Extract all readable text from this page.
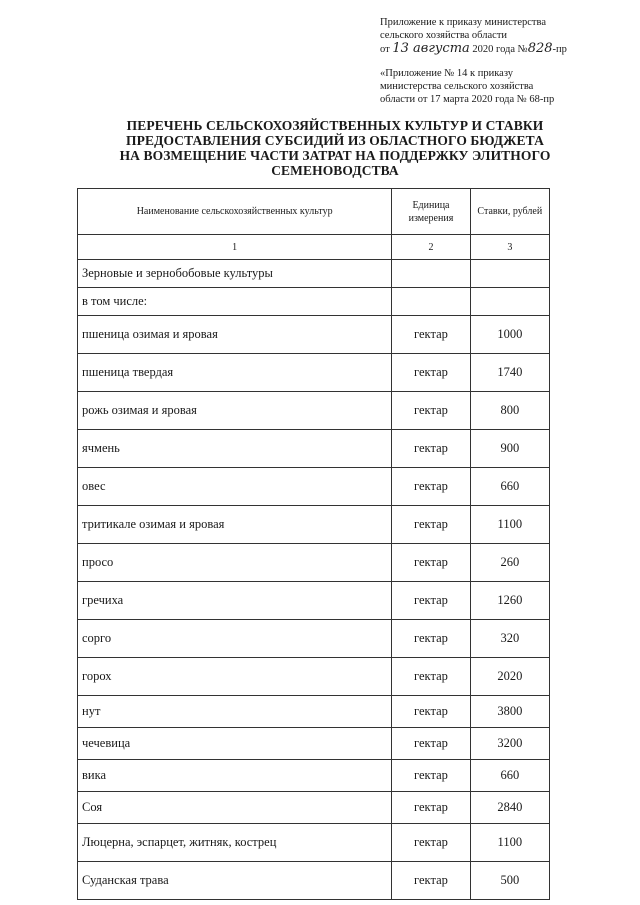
Приложение к приказу министерства
сельского хозяйства области
от 13 августа 2020 года №828-пр
«Приложение № 14 к приказу
министерства сельского хозяйства
области от 17 марта 2020 года № 68-пр
ПЕРЕЧЕНЬ СЕЛЬСКОХОЗЯЙСТВЕННЫХ КУЛЬТУР И СТАВКИ
ПРЕДОСТАВЛЕНИЯ СУБСИДИЙ ИЗ ОБЛАСТНОГО БЮДЖЕТА
НА ВОЗМЕЩЕНИЕ ЧАСТИ ЗАТРАТ НА ПОДДЕРЖКУ ЭЛИТНОГО
СЕМЕНОВОДСТВА
Наименование сельскохозяйственных культур	Единица измерения	Ставки, рублей
1	2	3
Зерновые и зернобобовые культуры		
в том числе:		
пшеница озимая и яровая	гектар	1000
пшеница твердая	гектар	1740
рожь озимая и яровая	гектар	800
ячмень	гектар	900
овес	гектар	660
тритикале озимая и яровая	гектар	1100
просо	гектар	260
гречиха	гектар	1260
сорго	гектар	320
горох	гектар	2020
нут	гектар	3800
чечевица	гектар	3200
вика	гектар	660
Соя	гектар	2840
Люцерна, эспарцет, житняк, кострец	гектар	1100
Суданская трава	гектар	500
